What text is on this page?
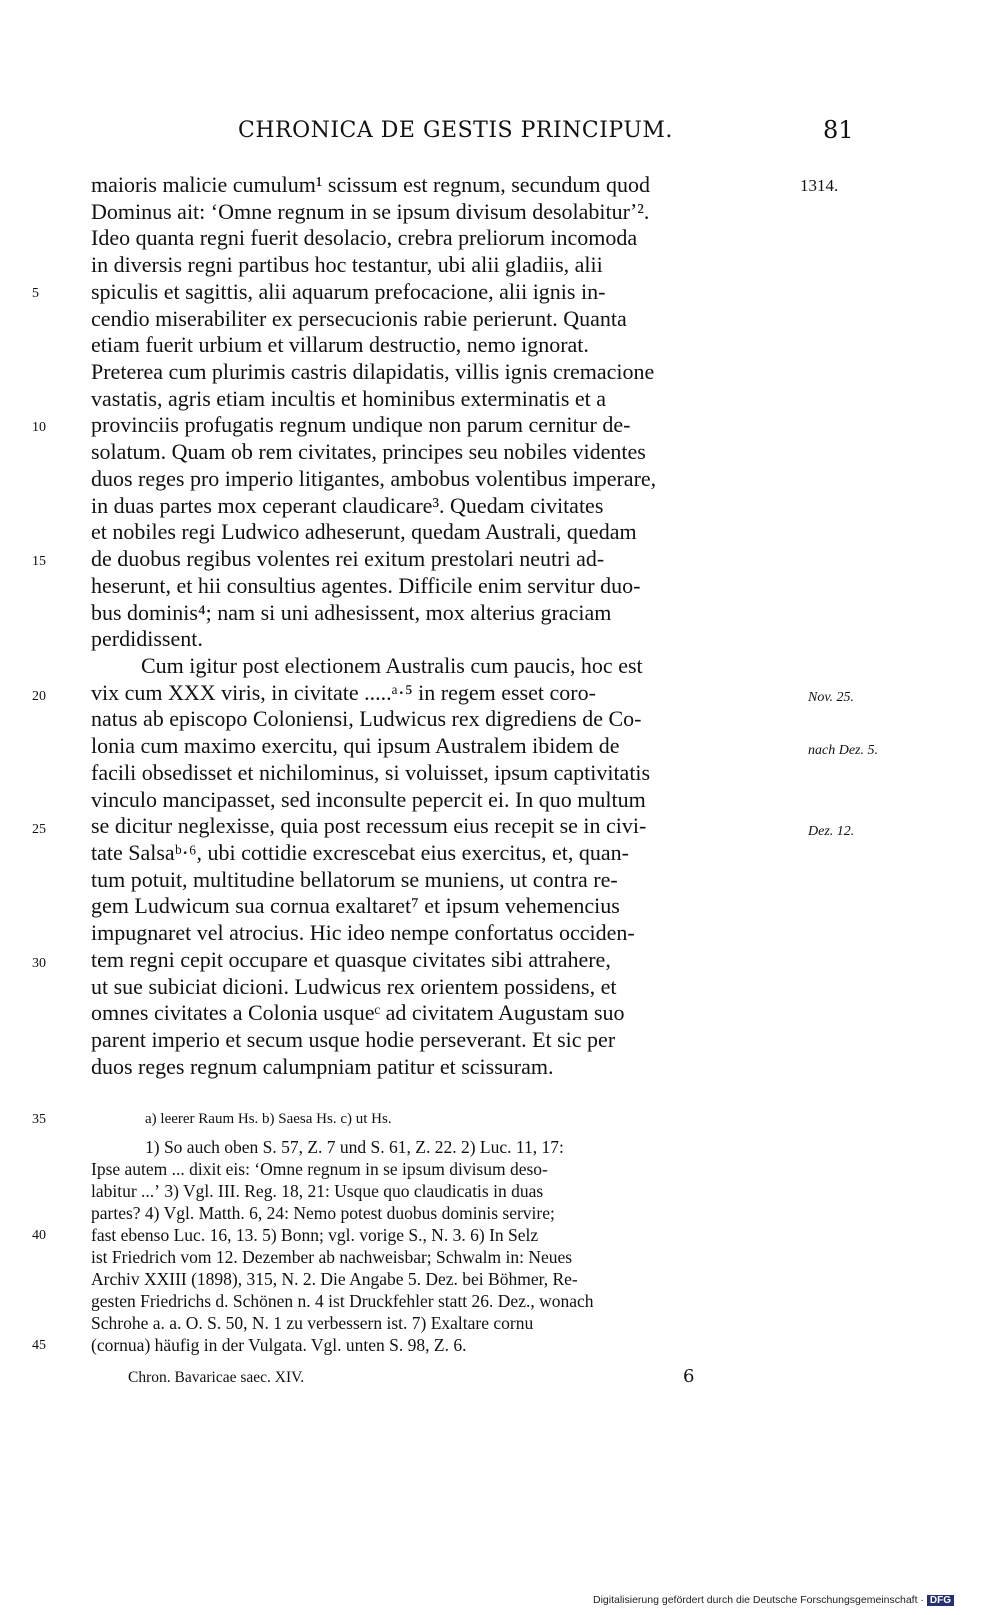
CHRONICA DE GESTIS PRINCIPUM.	81
maioris malicie cumulum¹ scissum est regnum, secundum quod
Dominus ait: ʻOmne regnum in se ipsum divisum desolabiturʼ².
Ideo quanta regni fuerit desolacio, crebra preliorum incomoda
in diversis regni partibus hoc testantur, ubi alii gladiis, alii
spiculis et sagittis, alii aquarum prefocacione, alii ignis in-
cendio miserabiliter ex persecucionis rabie perierunt. Quanta
etiam fuerit urbium et villarum destructio, nemo ignorat.
Preterea cum plurimis castris dilapidatis, villis ignis cremacione
vastatis, agris etiam incultis et hominibus exterminatis et a
provinciis profugatis regnum undique non parum cernitur de-
solatum. Quam ob rem civitates, principes seu nobiles videntes
duos reges pro imperio litigantes, ambobus volentibus imperare,
in duas partes mox ceperant claudicare³. Quedam civitates
et nobiles regi Ludwico adheserunt, quedam Australi, quedam
de duobus regibus volentes rei exitum prestolari neutri ad-
heserunt, et hii consultius agentes. Difficile enim servitur duo-
bus dominis⁴; nam si uni adhesissent, mox alterius graciam
perdidissent.
Cum igitur post electionem Australis cum paucis, hoc est
vix cum XXX viris, in civitate .....ᵃ·⁵ in regem esset coro-
natus ab episcopo Coloniensi, Ludwicus rex digrediens de Co-
lonia cum maximo exercitu, qui ipsum Australem ibidem de
facili obsedisset et nichilominus, si voluisset, ipsum captivitatis
vinculo mancipasset, sed inconsulte pepercit ei. In quo multum
se dicitur neglexisse, quia post recessum eius recepit se in civi-
tate Salsaᵇ·⁶, ubi cottidie excrescebat eius exercitus, et, quan-
tum potuit, multitudine bellatorum se muniens, ut contra re-
gem Ludwicum sua cornua exaltaret⁷ et ipsum vehemencius
impugnaret vel atrocius. Hic ideo nempe confortatus occiden-
tem regni cepit occupare et quasque civitates sibi attrahere,
ut sue subiciat dicioni. Ludwicus rex orientem possidens, et
omnes civitates a Colonia usqueᶜ ad civitatem Augustam suo
parent imperio et secum usque hodie perseverant. Et sic per
duos reges regnum calumpniam patitur et scissuram.
5
10
15
20
25
30
1314.
Nov. 25.
nach Dez. 5.
Dez. 12.
35	a) leerer Raum Hs. b) Saesa Hs. c) ut Hs.
1) So auch oben S. 57, Z. 7 und S. 61, Z. 22. 2) Luc. 11, 17:
Ipse autem ... dixit eis: ʻOmne regnum in se ipsum divisum deso-
labitur ...ʼ 3) Vgl. III. Reg. 18, 21: Usque quo claudicatis in duas
partes? 4) Vgl. Matth. 6, 24: Nemo potest duobus dominis servire;
fast ebenso Luc. 16, 13. 5) Bonn; vgl. vorige S., N. 3. 6) In Selz
ist Friedrich vom 12. Dezember ab nachweisbar; Schwalm in: Neues
Archiv XXIII (1898), 315, N. 2. Die Angabe 5. Dez. bei Böhmer, Re-
gesten Friedrichs d. Schönen n. 4 ist Druckfehler statt 26. Dez., wonach
Schrohe a. a. O. S. 50, N. 1 zu verbessern ist. 7) Exaltare cornu
(cornua) häufig in der Vulgata. Vgl. unten S. 98, Z. 6.
40
45
Chron. Bavaricae saec. XIV.	6
Digitalisierung gefördert durch die Deutsche Forschungsgemeinschaft · DFG
